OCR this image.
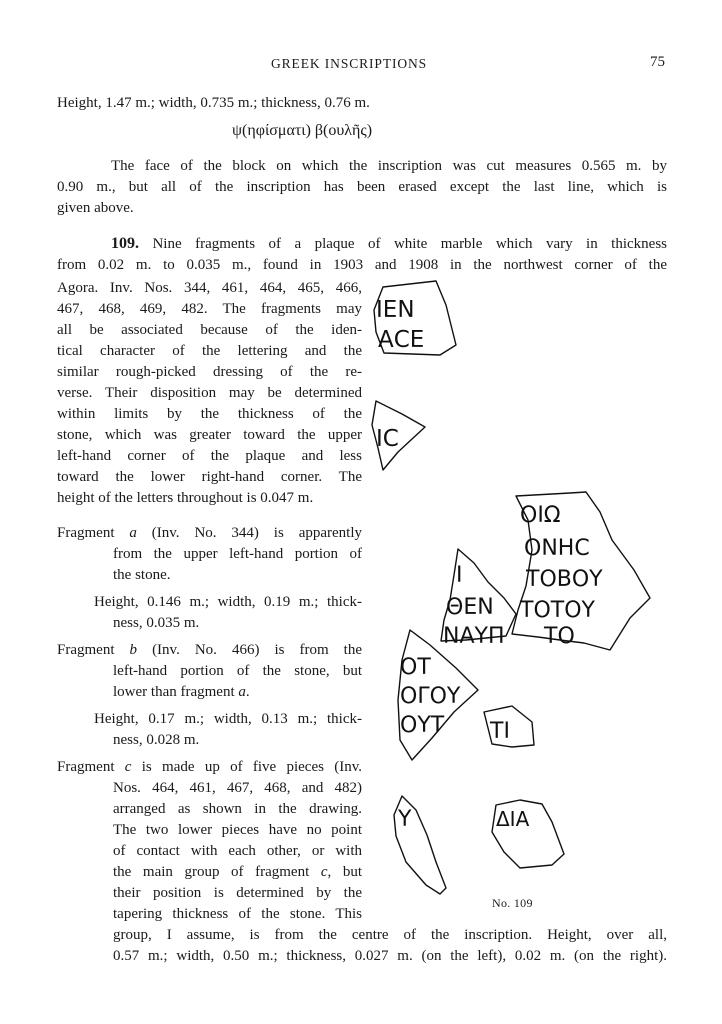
GREEK INSCRIPTIONS	75
Height, 1.47 m.; width, 0.735 m.; thickness, 0.76 m.
ψ(ηφίσματι) β(ουλῆς)
The face of the block on which the inscription was cut measures 0.565 m. by
0.90 m., but all of the inscription has been erased except the last line, which is
given above.
109. Nine fragments of a plaque of white marble which vary in thickness
from 0.02 m. to 0.035 m., found in 1903 and 1908 in the northwest corner of the
Agora. Inv. Nos. 344, 461, 464, 465, 466,
467, 468, 469, 482. The fragments may
all be associated because of the iden-
tical character of the lettering and the
similar rough-picked dressing of the re-
verse. Their disposition may be determined
within limits by the thickness of the
stone, which was greater toward the upper
left-hand corner of the plaque and less
toward the lower right-hand corner. The
height of the letters throughout is 0.047 m.
Fragment a (Inv. No. 344) is apparently
from the upper left-hand portion of
the stone.
Height, 0.146 m.; width, 0.19 m.; thick-
ness, 0.035 m.
Fragment b (Inv. No. 466) is from the
left-hand portion of the stone, but
lower than fragment a.
Height, 0.17 m.; width, 0.13 m.; thick-
ness, 0.028 m.
Fragment c is made up of five pieces (Inv.
Nos. 464, 461, 467, 468, and 482)
arranged as shown in the drawing.
The two lower pieces have no point
of contact with each other, or with
the main group of fragment c, but
their position is determined by the
tapering thickness of the stone. This
group, I assume, is from the centre of the inscription. Height, over all,
0.57 m.; width, 0.50 m.; thickness, 0.027 m. (on the left), 0.02 m. (on the right).
ΙΕΝ
ΑCΕ
ΙC
ΟΙΩ
ΟΝΗC
ΤΟΒΟΥ
ΤΟΤΟΥ
Ι
ΘΕΝ
ΝΑΥΠ ΤΟ
ΟΤ
ΟΓΟΥ
ΟΥΤ ΤΙ
Υ	ΔΙΑ
No. 109
